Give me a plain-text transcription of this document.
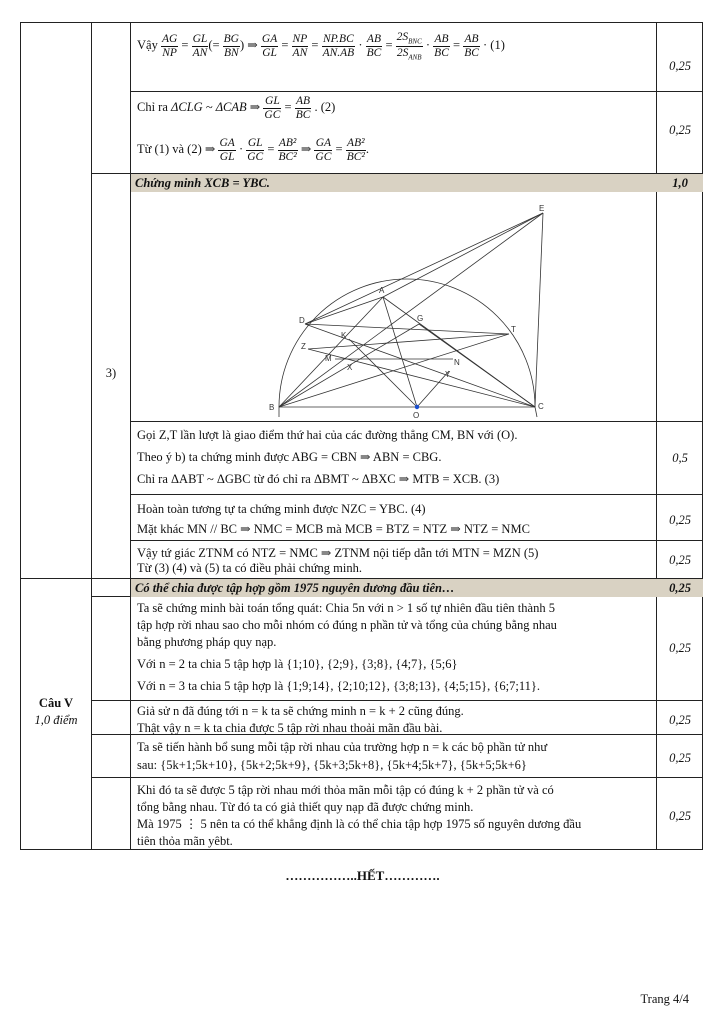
Vậy $\frac{AG}{NP} = \frac{GL}{AN}$ (= $\frac{BG}{BN}$ ) ⇒ $\frac{GA}{GL} = \frac{NP}{AN} = \frac{NP.BC}{AN.AB} \cdot \frac{AB}{BC} = \frac{2S_{BNC}}{2S_{ANB}} \cdot \frac{AB}{BC} = \frac{AB}{BC} \cdot (1)$
0,25
Chỉ ra ΔCLG ~ ΔCAB ⇒ $\frac{GL}{GC} = \frac{AB}{BC}$ . (2)
Từ (1) và (2) ⇒ $\frac{GA}{GL} \cdot \frac{GL}{GC} = \frac{\text{AB²}}{\text{BC²}}$ ⇒ $\frac{GA}{GC} = \frac{\text{AB²}}{\text{BC²}}$ .
0,25
Chứng minh XCB = YBC.	1,0
3)
E
A
D	G
T
Z
K
M
X
N
Y
B
O
C
Gọi Z,T lần lượt là giao điểm thứ hai của các đường thẳng CM, BN với (O).
Theo ý b) ta chứng minh được ABG = CBN ⇒ ABN = CBG.
Chỉ ra ΔABT ~ ΔGBC từ đó chỉ ra ΔBMT ~ ΔBXC ⇒ MTB = XCB. (3)
0,5
Hoàn toàn tương tự ta chứng minh được NZC = YBC. (4)
Mặt khác MN // BC ⇒ NMC = MCB mà MCB = BTZ = NTZ ⇒ NTZ = NMC
0,25
Vậy tứ giác ZTNM có NTZ = NMC ⇒ ZTNM nội tiếp dẫn tới MTN = MZN (5)
Từ (3) (4) và (5) ta có điều phải chứng minh.
0,25
Có thể chia được tập hợp gồm 1975 nguyên dương đầu tiên…	0,25
Câu V
1,0 điểm
Ta sẽ chứng minh bài toán tổng quát: Chia 5n với n > 1 số tự nhiên đầu tiên thành 5
tập hợp rời nhau sao cho mỗi nhóm có đúng n phần tử và tổng của chúng bằng nhau
bằng phương pháp quy nạp.
Với n = 2 ta chia 5 tập hợp là {1;10}, {2;9}, {3;8}, {4;7}, {5;6}
Với n = 3 ta chia 5 tập hợp là {1;9;14}, {2;10;12}, {3;8;13}, {4;5;15}, {6;7;11}.
0,25
Giả sử n đã đúng tới n = k ta sẽ chứng minh n = k + 2 cũng đúng.
Thật vậy n = k ta chia được 5 tập rời nhau thoải mãn đầu bài.
0,25
Ta sẽ tiến hành bổ sung mỗi tập rời nhau của trường hợp n = k các bộ phần tử như
sau: {5k+1;5k+10}, {5k+2;5k+9}, {5k+3;5k+8}, {5k+4;5k+7}, {5k+5;5k+6}	0,25
Khi đó ta sẽ được 5 tập rời nhau mới thỏa mãn mỗi tập có đúng k + 2 phần tử và có
tổng bằng nhau. Từ đó ta có giả thiết quy nạp đã được chứng minh.
Mà 1975 ⋮ 5 nên ta có thể khẳng định là có thể chia tập hợp 1975 số nguyên dương đầu
tiên thỏa mãn yêbt.
0,25
……………..HẾT………….
Trang 4/4
